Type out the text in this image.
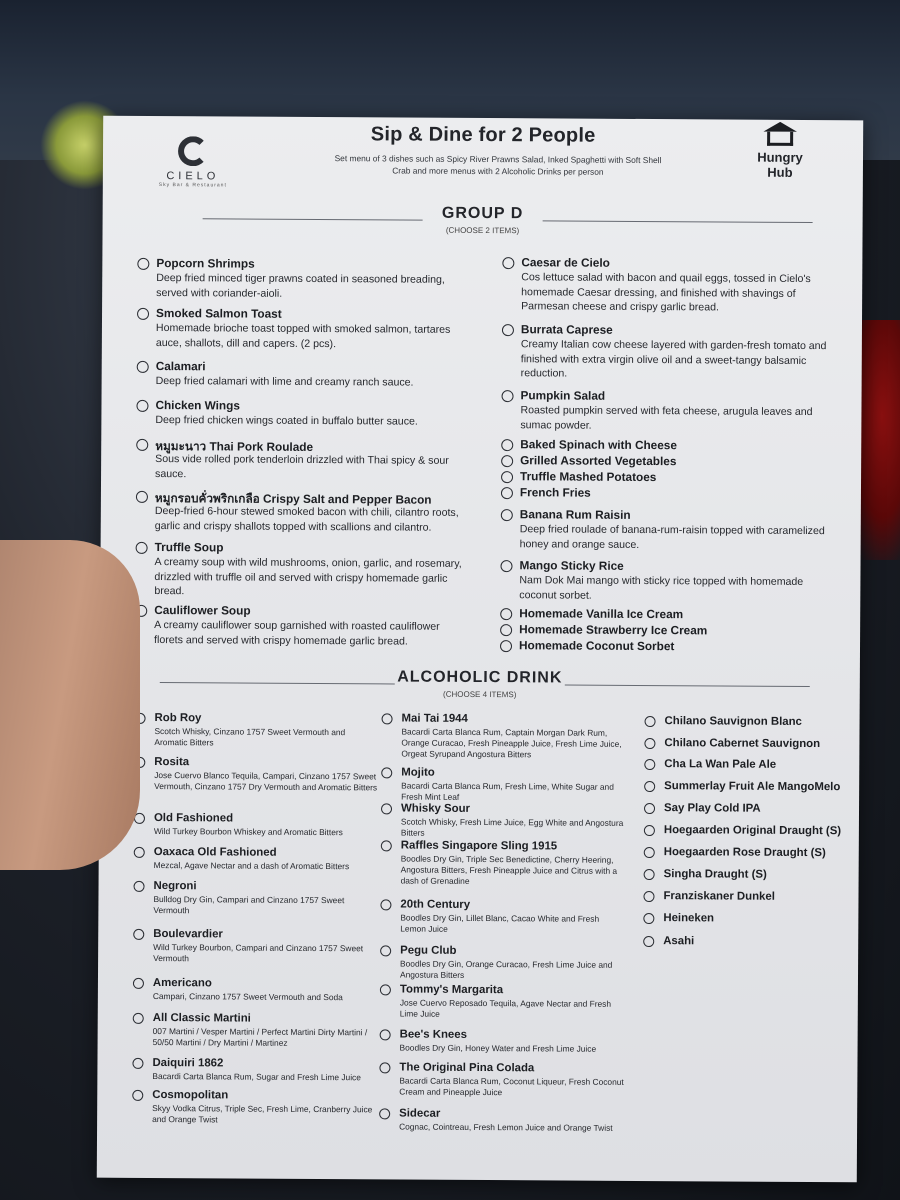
CIELO
Sky Bar & Restaurant
Sip & Dine for 2 People
Set menu of 3 dishes such as Spicy River Prawns Salad, Inked Spaghetti with Soft Shell Crab and more menus with 2 Alcoholic Drinks per person
Hungry
Hub
GROUP D
(CHOOSE 2 ITEMS)
ALCOHOLIC DRINK
(CHOOSE 4 ITEMS)
Popcorn Shrimps
Deep fried minced tiger prawns coated in seasoned breading, served with coriander-aioli.
Smoked Salmon Toast
Homemade brioche toast topped with smoked salmon, tartares auce, shallots, dill and capers. (2 pcs).
Calamari
Deep fried calamari with lime and creamy ranch sauce.
Chicken Wings
Deep fried chicken wings coated in buffalo butter sauce.
หมูมะนาว Thai Pork Roulade
Sous vide rolled pork tenderloin drizzled with Thai spicy & sour sauce.
หมูกรอบคั่วพริกเกลือ Crispy Salt and Pepper Bacon
Deep-fried 6-hour stewed smoked bacon with chili, cilantro roots, garlic and crispy shallots topped with scallions and cilantro.
Truffle Soup
A creamy soup with wild mushrooms, onion, garlic, and rosemary, drizzled with truffle oil and served with crispy homemade garlic bread.
Cauliflower Soup
A creamy cauliflower soup garnished with roasted cauliflower florets and served with crispy homemade garlic bread.
Caesar de Cielo
Cos lettuce salad with bacon and quail eggs, tossed in Cielo's homemade Caesar dressing, and finished with shavings of Parmesan cheese and crispy garlic bread.
Burrata Caprese
Creamy Italian cow cheese layered with garden-fresh tomato and finished with extra virgin olive oil and a sweet-tangy balsamic reduction.
Pumpkin Salad
Roasted pumpkin served with feta cheese, arugula leaves and sumac powder.
Baked Spinach with Cheese
Grilled Assorted Vegetables
Truffle Mashed Potatoes
French Fries
Banana Rum Raisin
Deep fried roulade of banana-rum-raisin topped with caramelized honey and orange sauce.
Mango Sticky Rice
Nam Dok Mai mango with sticky rice topped with homemade coconut sorbet.
Homemade Vanilla Ice Cream
Homemade Strawberry Ice Cream
Homemade Coconut Sorbet
Rob Roy
Scotch Whisky, Cinzano 1757 Sweet Vermouth and Aromatic Bitters
Rosita
Jose Cuervo Blanco Tequila, Campari, Cinzano 1757 Sweet Vermouth, Cinzano 1757 Dry Vermouth and Aromatic Bitters
Old Fashioned
Wild Turkey Bourbon Whiskey and Aromatic Bitters
Oaxaca Old Fashioned
Mezcal, Agave Nectar and a dash of Aromatic Bitters
Negroni
Bulldog Dry Gin, Campari and Cinzano 1757 Sweet Vermouth
Boulevardier
Wild Turkey Bourbon, Campari and Cinzano 1757 Sweet Vermouth
Americano
Campari, Cinzano 1757 Sweet Vermouth and Soda
All Classic Martini
007 Martini / Vesper Martini / Perfect Martini Dirty Martini / 50/50 Martini / Dry Martini / Martinez
Daiquiri 1862
Bacardi Carta Blanca Rum, Sugar and Fresh Lime Juice
Cosmopolitan
Skyy Vodka Citrus, Triple Sec, Fresh Lime, Cranberry Juice and Orange Twist
Mai Tai 1944
Bacardi Carta Blanca Rum, Captain Morgan Dark Rum, Orange Curacao, Fresh Pineapple Juice, Fresh Lime Juice, Orgeat Syrupand Angostura Bitters
Mojito
Bacardi Carta Blanca Rum, Fresh Lime, White Sugar and Fresh Mint Leaf
Whisky Sour
Scotch Whisky, Fresh Lime Juice, Egg White and Angostura Bitters
Raffles Singapore Sling 1915
Boodles Dry Gin, Triple Sec Benedictine, Cherry Heering, Angostura Bitters, Fresh Pineapple Juice and Citrus with a dash of Grenadine
20th Century
Boodles Dry Gin, Lillet Blanc, Cacao White and Fresh Lemon Juice
Pegu Club
Boodles Dry Gin, Orange Curacao, Fresh Lime Juice and Angostura Bitters
Tommy's Margarita
Jose Cuervo Reposado Tequila, Agave Nectar and Fresh Lime Juice
Bee's Knees
Boodles Dry Gin, Honey Water and Fresh Lime Juice
The Original Pina Colada
Bacardi Carta Blanca Rum, Coconut Liqueur, Fresh Coconut Cream and Pineapple Juice
Sidecar
Cognac, Cointreau, Fresh Lemon Juice and Orange Twist
Chilano Sauvignon Blanc
Chilano Cabernet Sauvignon
Cha La Wan Pale Ale
Summerlay Fruit Ale MangoMelo
Say Play Cold IPA
Hoegaarden Original Draught (S)
Hoegaarden Rose Draught (S)
Singha Draught (S)
Franziskaner Dunkel
Heineken
Asahi
